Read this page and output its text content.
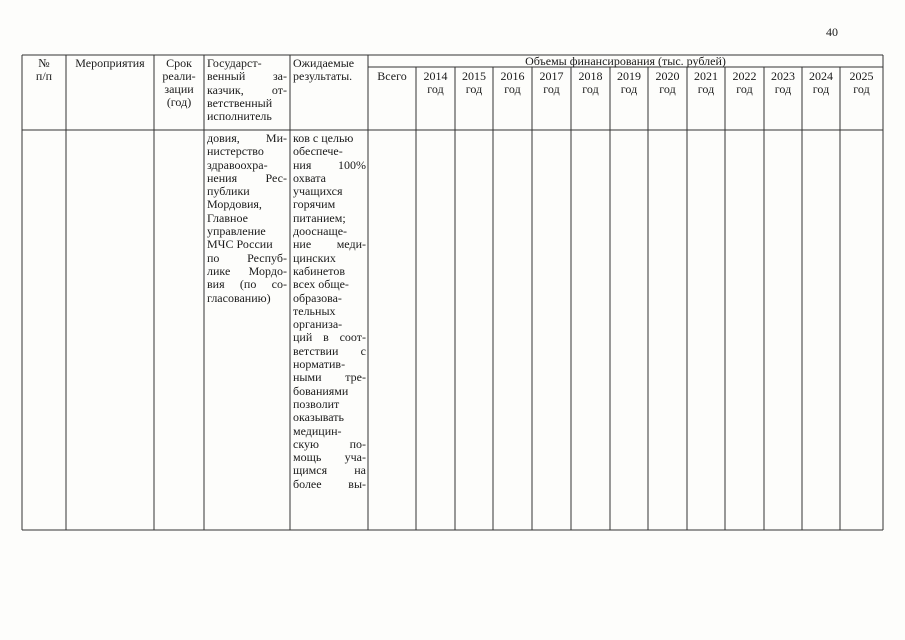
40
№
п/п
Мероприятия	Срок
реали-
зации
(год)
Государст-
венный за-
казчик, от-
ветственный
исполнитель
Ожидаемые
результаты.
Объемы финансирования (тыс. рублей)
Всего	2014
год
2015
год
2016
год
2017
год
2018
год
2019
год
2020
год
2021
год
2022
год
2023
год
2024
год
2025
год
довия, Ми-
нистерство
здравоохра-
нения Рес-
публики
Мордовия,
Главное
управление
МЧС России
по Респуб-
лике Мордо-
вия (по со-
гласованию)
ков с целью
обеспече-
ния 100%
охвата
учащихся
горячим
питанием;
дооснаще-
ние меди-
цинских
кабинетов
всех обще-
образова-
тельных
организа-
ций в соот-
ветствии с
норматив-
ными тре-
бованиями
позволит
оказывать
медицин-
скую по-
мощь уча-
щимся на
более вы-
